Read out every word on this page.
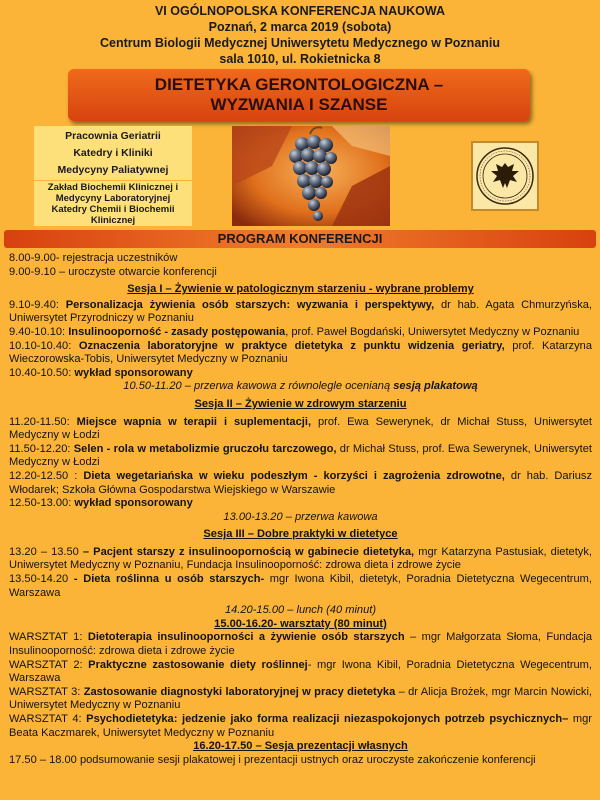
VI OGÓLNOPOLSKA KONFERENCJA NAUKOWA
Poznań, 2 marca 2019 (sobota)
Centrum Biologii Medycznej Uniwersytetu Medycznego w Poznaniu
sala 1010, ul. Rokietnicka 8
DIETETYKA GERONTOLOGICZNA –
WYZWANIA I SZANSE
Pracownia Geriatrii
Katedry i Kliniki
Medycyny Paliatywnej
Zakład Biochemii Klinicznej i
Medycyny Laboratoryjnej
Katedry Chemii i Biochemii
Klinicznej
PROGRAM KONFERENCJI

8.00-9.00- rejestracja uczestników

9.00-9.10 – uroczyste otwarcie konferencji

Sesja I – Żywienie w patologicznym starzeniu - wybrane problemy

9.10-9.40: Personalizacja żywienia osób starszych: wyzwania i perspektywy, dr hab. Agata Chmurzyńska, Uniwersytet Przyrodniczy w Poznaniu

9.40-10.10: Insulinooporność - zasady postępowania, prof. Paweł Bogdański, Uniwersytet Medyczny w Poznaniu

10.10-10.40: Oznaczenia laboratoryjne w praktyce dietetyka z punktu widzenia geriatry, prof. Katarzyna Wieczorowska-Tobis, Uniwersytet Medyczny w Poznaniu

10.40-10.50: wykład sponsorowany

10.50-11.20 – przerwa kawowa z równolegle ocenianą sesją plakatową

Sesja II – Żywienie w zdrowym starzeniu

11.20-11.50: Miejsce wapnia w terapii i suplementacji, prof. Ewa Sewerynek, dr Michał Stuss, Uniwersytet Medyczny w Łodzi

11.50-12.20: Selen - rola w metabolizmie gruczołu tarczowego, dr Michał Stuss, prof. Ewa Sewerynek, Uniwersytet Medyczny w Łodzi

12.20-12.50 : Dieta wegetariańska w wieku podeszłym - korzyści i zagrożenia zdrowotne, dr hab. Dariusz Włodarek; Szkoła Główna Gospodarstwa Wiejskiego w Warszawie

12.50-13.00: wykład sponsorowany

13.00-13.20 – przerwa kawowa

Sesja III – Dobre praktyki w dietetyce

13.20 – 13.50 – Pacjent starszy z insulinoopornością w gabinecie dietetyka, mgr Katarzyna Pastusiak, dietetyk, Uniwersytet Medyczny w Poznaniu, Fundacja Insulinooporność: zdrowa dieta i zdrowe życie

13.50-14.20 - Dieta roślinna u osób starszych- mgr Iwona Kibil, dietetyk, Poradnia Dietetyczna Wegecentrum, Warszawa

14.20-15.00 – lunch (40 minut)

15.00-16.20- warsztaty (80 minut)

WARSZTAT 1: Dietoterapia insulinooporności a żywienie osób starszych – mgr Małgorzata Słoma, Fundacja Insulinooporność: zdrowa dieta i zdrowe życie

WARSZTAT 2: Praktyczne zastosowanie diety roślinnej- mgr Iwona Kibil, Poradnia Dietetyczna Wegecentrum, Warszawa

WARSZTAT 3: Zastosowanie diagnostyki laboratoryjnej w pracy dietetyka – dr Alicja Brożek, mgr Marcin Nowicki, Uniwersytet Medyczny w Poznaniu

WARSZTAT 4: Psychodietetyka: jedzenie jako forma realizacji niezaspokojonych potrzeb psychicznych– mgr Beata Kaczmarek, Uniwersytet Medyczny w Poznaniu

16.20-17.50 – Sesja prezentacji własnych

17.50 – 18.00 podsumowanie sesji plakatowej i prezentacji ustnych oraz uroczyste zakończenie konferencji
